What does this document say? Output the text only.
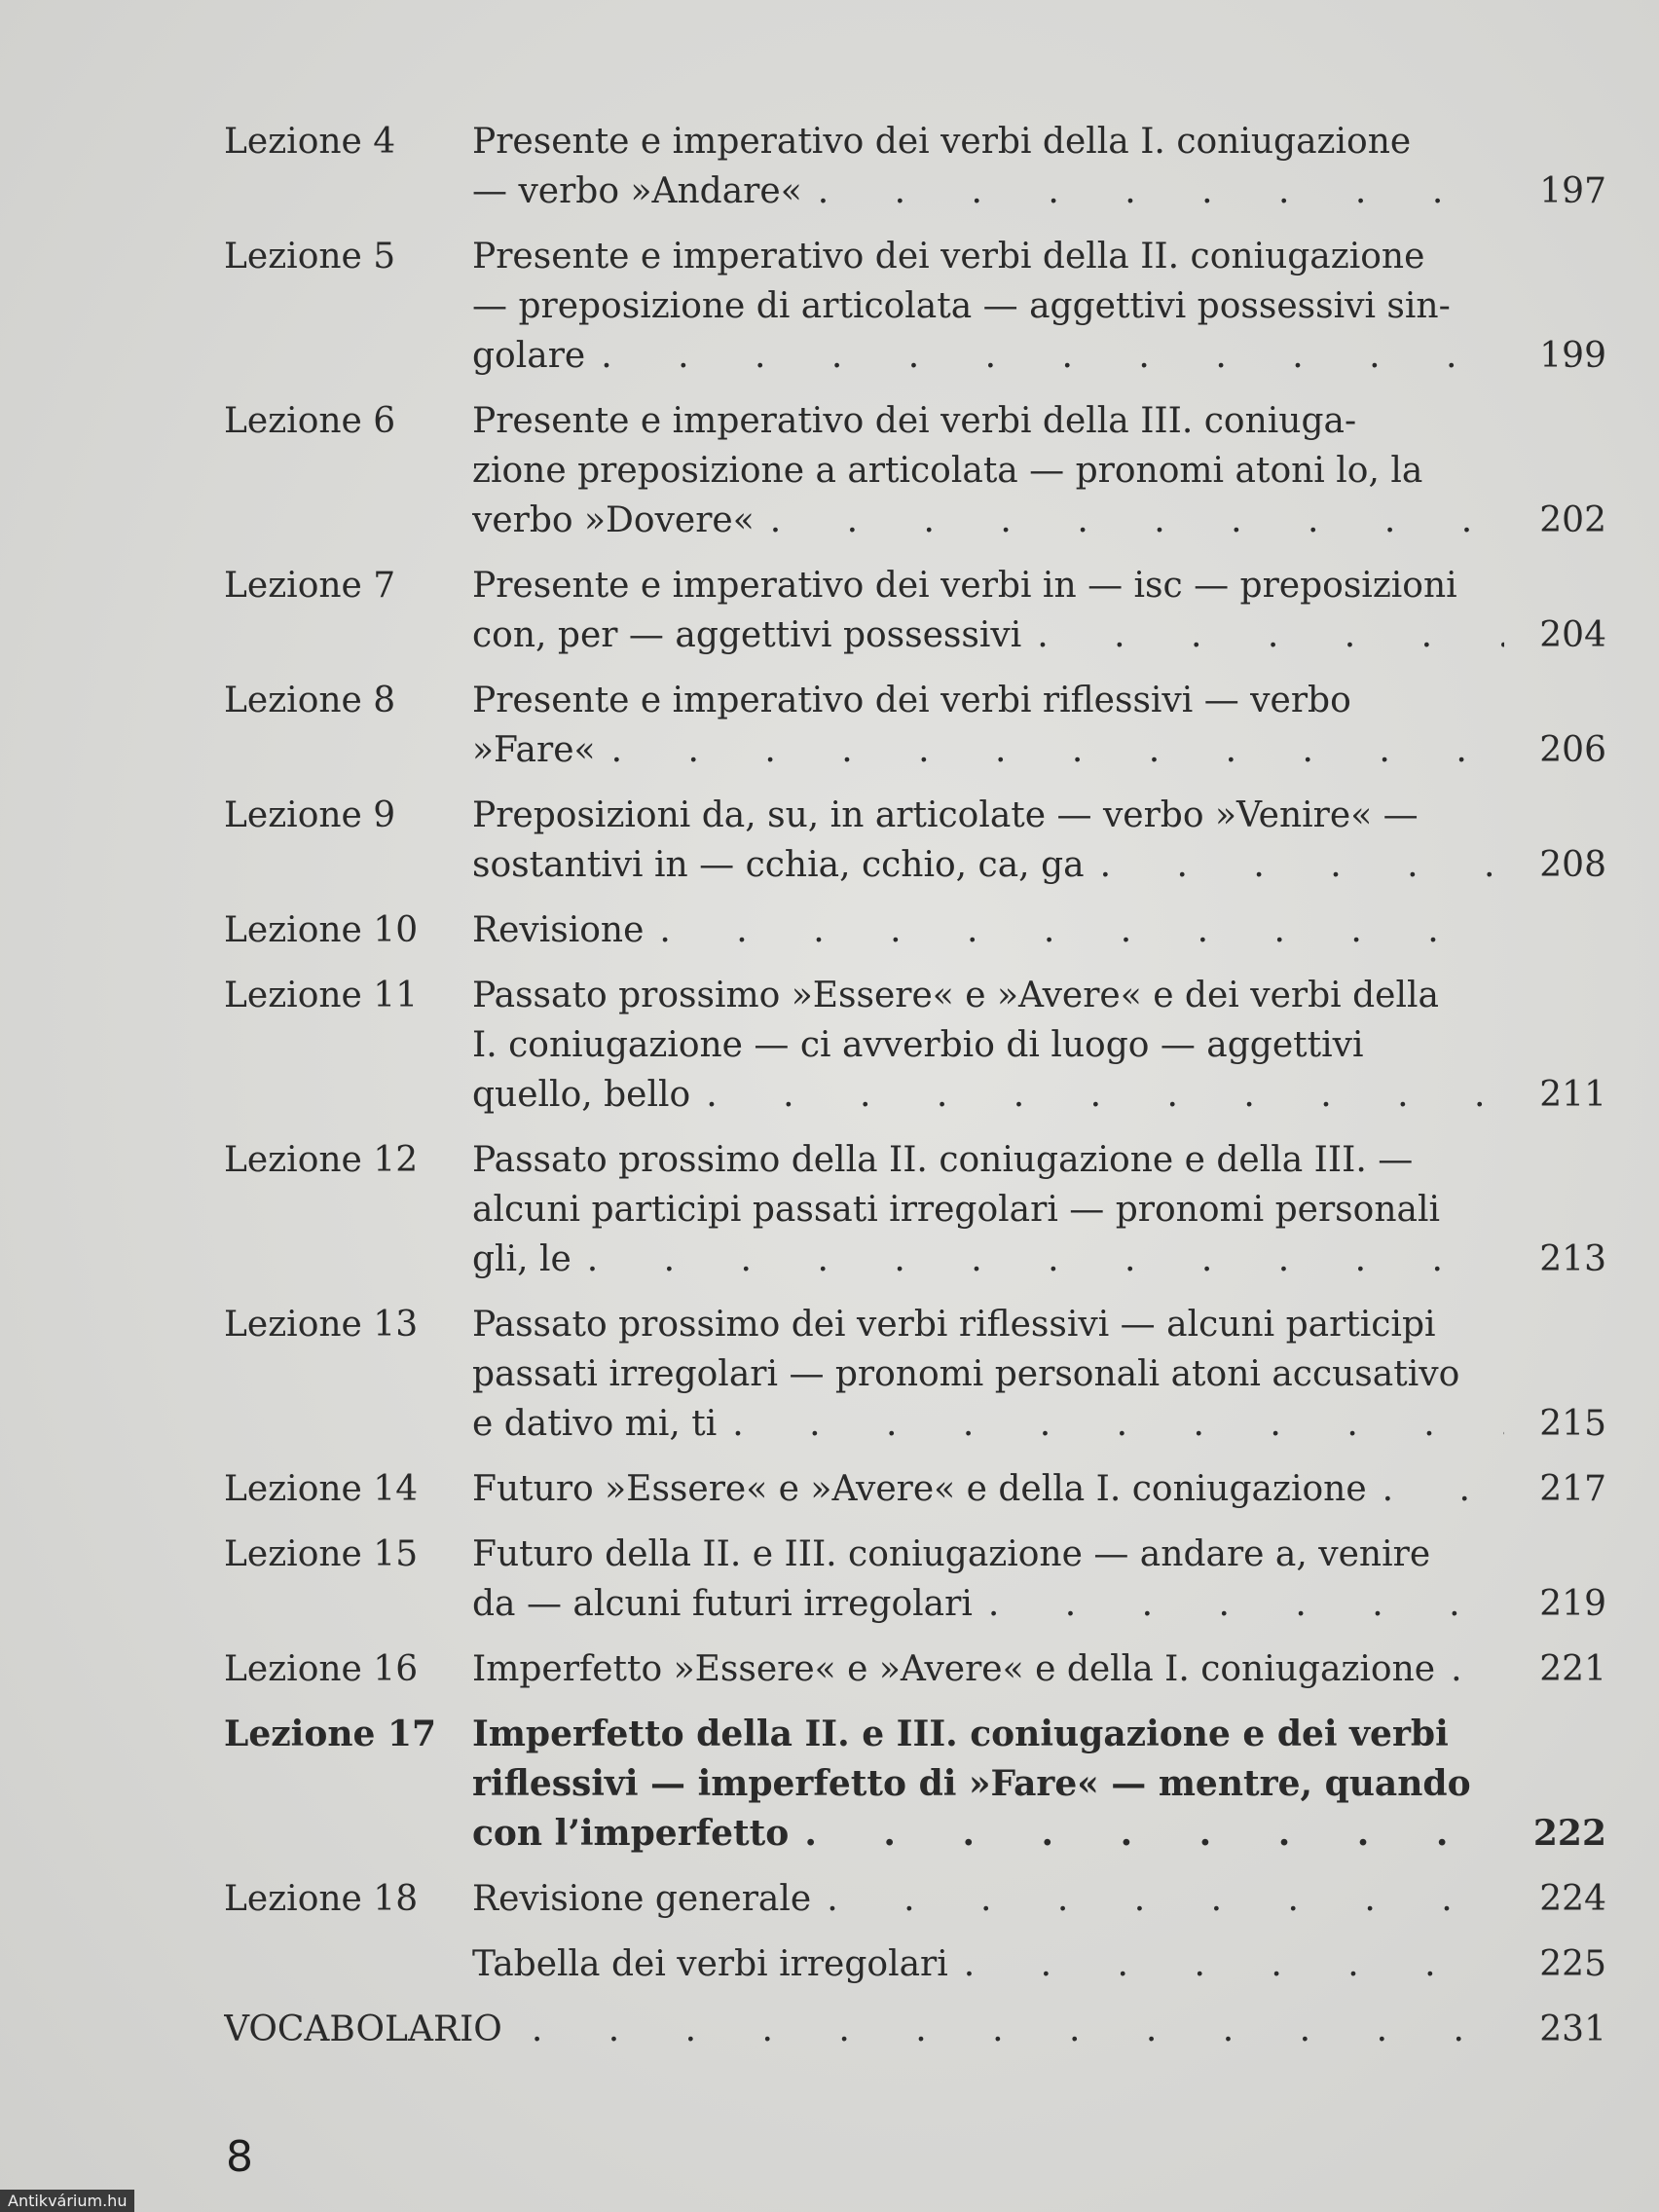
Lezione 4	Presente e imperativo dei verbi della I. coniugazione

— verbo »Andare« . . .	197
Lezione 5	Presente e imperativo dei verbi della II. coniugazione

— preposizione di articolata — aggettivi possessivi sin-

golare . . .	199
Lezione 6	Presente e imperativo dei verbi della III. coniuga-

zione preposizione a articolata — pronomi atoni lo, la

verbo »Dovere« . . .	202
Lezione 7	Presente e imperativo dei verbi in — isc — preposizioni

con, per — aggettivi possessivi . . .	204
Lezione 8	Presente e imperativo dei verbi riflessivi — verbo

»Fare« . . .	206
Lezione 9	Preposizioni da, su, in articolate — verbo »Venire« —

sostantivi in — cchia, cchio, ca, ga . . .	208
Lezione 10	Revisione
. . .

Lezione 11	Passato prossimo »Essere« e »Avere« e dei verbi della

I. coniugazione — ci avverbio di luogo — aggettivi

quello, bello . . .	211
Lezione 12	Passato prossimo della II. coniugazione e della III. —

alcuni participi passati irregolari — pronomi personali

gli, le . . .	213
Lezione 13	Passato prossimo dei verbi riflessivi — alcuni participi

passati irregolari — pronomi personali atoni accusativo

e dativo mi, ti . . .	215
Lezione 14	Futuro »Essere« e »Avere« e della I. coniugazione . . .	217
Lezione 15	Futuro della II. e III. coniugazione — andare a, venire

da — alcuni futuri irregolari . . .	219
Lezione 16	Imperfetto »Essere« e »Avere« e della I. coniugazione . . .	221
Lezione 17	Imperfetto della II. e III. coniugazione e dei verbi

riflessivi — imperfetto di »Fare« — mentre, quando

con l’imperfetto . . .	222
Lezione 18	Revisione generale . . .	224

Tabella dei verbi irregolari . . .	225
VOCABOLARIO . . .	231
8
Antikvárium.hu
